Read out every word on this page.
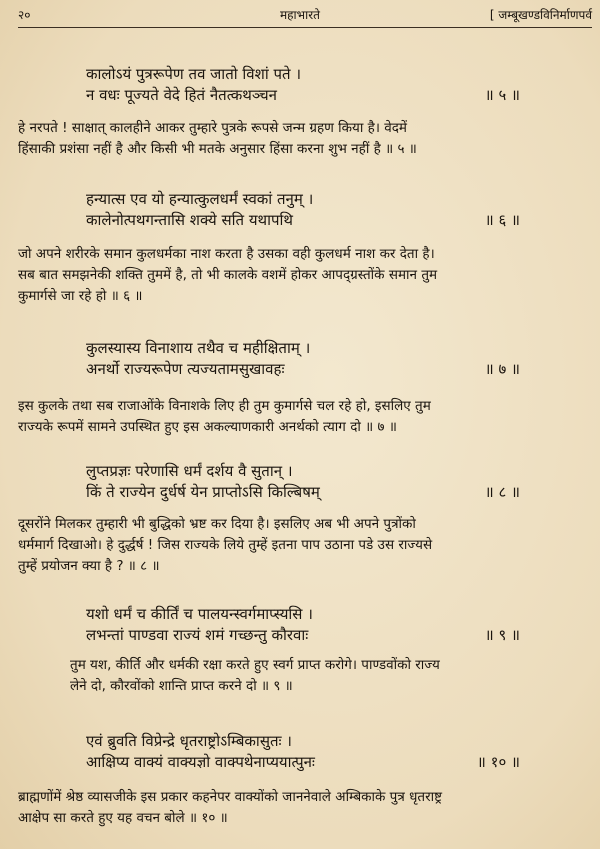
२०	महाभारते	[ जम्बूखण्डविनिर्माणपर्व
कालोऽयं पुत्ररूपेण तव जातो विशां पते ।
न वधः पूज्यते वेदे हितं नैतत्कथञ्चन	॥ ५ ॥
हे नरपते ! साक्षात् कालहीने आकर तुम्हारे पुत्रके रूपसे जन्म ग्रहण किया है। वेदमें
हिंसाकी प्रशंसा नहीं है और किसी भी मतके अनुसार हिंसा करना शुभ नहीं है ॥ ५ ॥
हन्यात्स एव यो हन्यात्कुलधर्मं स्वकां तनुम् ।
कालेनोत्पथगन्तासि शक्ये सति यथापथि	॥ ६ ॥
जो अपने शरीरके समान कुलधर्मका नाश करता है उसका वही कुलधर्म नाश कर देता है।
सब बात समझनेकी शक्ति तुममें है, तो भी कालके वशमें होकर आपद्ग्रस्तोंके समान तुम
कुमार्गसे जा रहे हो ॥ ६ ॥
कुलस्यास्य विनाशाय तथैव च महीक्षिताम् ।
अनर्थो राज्यरूपेण त्यज्यतामसुखावहः	॥ ७ ॥
इस कुलके तथा सब राजाओंके विनाशके लिए ही तुम कुमार्गसे चल रहे हो, इसलिए तुम
राज्यके रूपमें सामने उपस्थित हुए इस अकल्याणकारी अनर्थको त्याग दो ॥ ७ ॥
लुप्तप्रज्ञः परेणासि धर्मं दर्शय वै सुतान् ।
किं ते राज्येन दुर्धर्ष येन प्राप्तोऽसि किल्बिषम्	॥ ८ ॥
दूसरोंने मिलकर तुम्हारी भी बुद्धिको भ्रष्ट कर दिया है। इसलिए अब भी अपने पुत्रोंको
धर्ममार्ग दिखाओ। हे दुर्द्धर्ष ! जिस राज्यके लिये तुम्हें इतना पाप उठाना पडे उस राज्यसे
तुम्हें प्रयोजन क्या है ? ॥ ८ ॥
यशो धर्मं च कीर्तिं च पालयन्स्वर्गमाप्स्यसि ।
लभन्तां पाण्डवा राज्यं शमं गच्छन्तु कौरवाः	॥ ९ ॥
तुम यश, कीर्ति और धर्मकी रक्षा करते हुए स्वर्ग प्राप्त करोगे। पाण्डवोंको राज्य
लेने दो, कौरवोंको शान्ति प्राप्त करने दो ॥ ९ ॥
एवं ब्रुवति विप्रेन्द्रे धृतराष्ट्रोऽम्बिकासुतः ।
आक्षिप्य वाक्यं वाक्यज्ञो वाक्पथेनाप्ययात्पुनः	॥ १० ॥
ब्राह्मणोंमें श्रेष्ठ व्यासजीके इस प्रकार कहनेपर वाक्योंको जाननेवाले अम्बिकाके पुत्र धृतराष्ट्र
आक्षेप सा करते हुए यह वचन बोले ॥ १० ॥
